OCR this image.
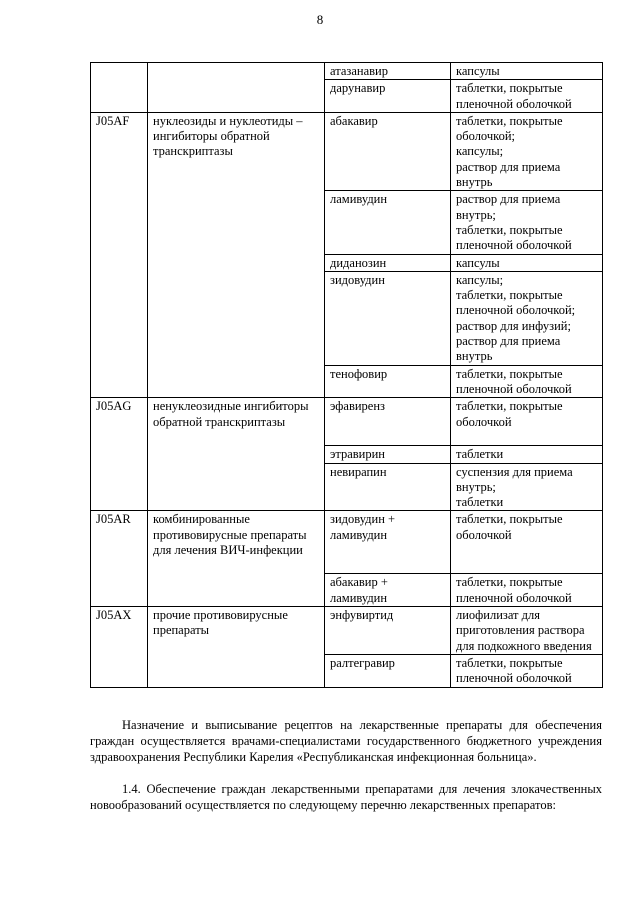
8
		атазанавир	капсулы
		дарунавир	таблетки, покрытые пленочной оболочкой
J05AF	нуклеозиды и нуклеотиды – ингибиторы обратной транскриптазы	абакавир	таблетки, покрытые оболочкой;
капсулы;
раствор для приема внутрь
		ламивудин	раствор для приема внутрь;
таблетки, покрытые пленочной оболочкой
		диданозин	капсулы
		зидовудин	капсулы;
таблетки, покрытые пленочной оболочкой;
раствор для инфузий;
раствор для приема внутрь
		тенофовир	таблетки, покрытые пленочной оболочкой
J05AG	ненуклеозидные ингибиторы обратной транскриптазы	эфавиренз	таблетки, покрытые оболочкой
		этравирин	таблетки
		невирапин	суспензия для приема внутрь;
таблетки
J05AR	комбинированные противовирусные препараты для лечения ВИЧ-инфекции	зидовудин + ламивудин	таблетки, покрытые оболочкой
		абакавир + ламивудин	таблетки, покрытые пленочной оболочкой
J05AX	прочие противовирусные препараты	энфувиртид	лиофилизат для приготовления раствора для подкожного введения
		ралтегравир	таблетки, покрытые пленочной оболочкой

Назначение и выписывание рецептов на лекарственные препараты для обеспечения граждан осуществляется врачами-специалистами государственного бюджетного учреждения здравоохранения Республики Карелия «Республиканская инфекционная больница».

1.4. Обеспечение граждан лекарственными препаратами для лечения злокачественных новообразований осуществляется по следующему перечню лекарственных препаратов:
